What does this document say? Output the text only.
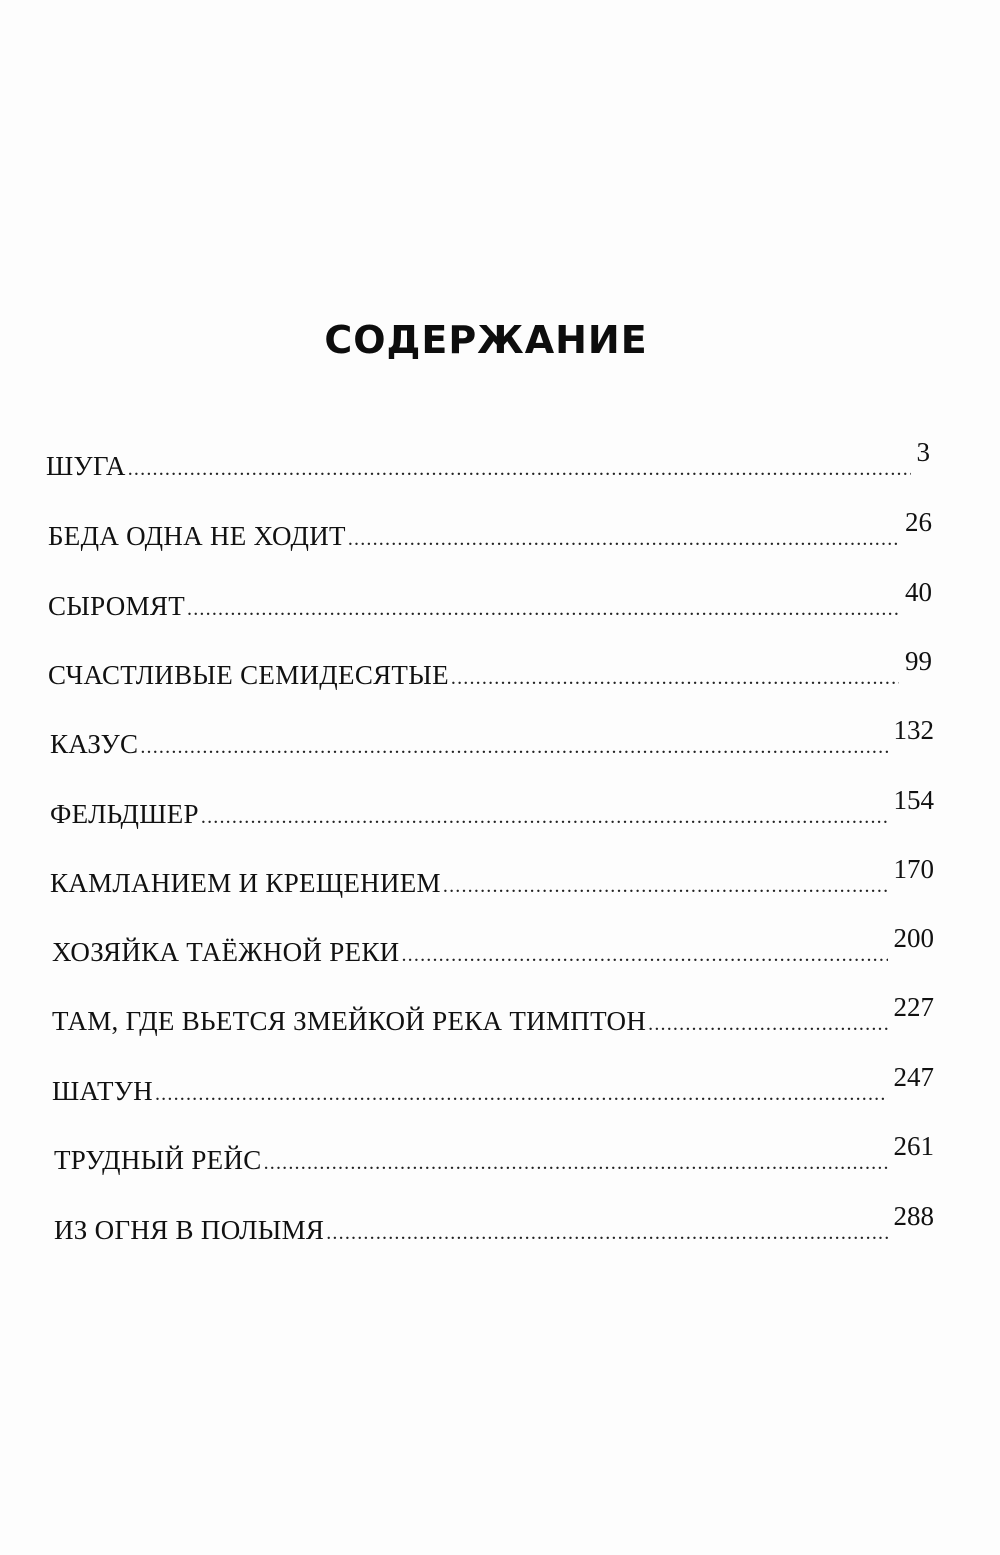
СОДЕРЖАНИЕ
ШУГА .....	3
БЕДА ОДНА НЕ ХОДИТ .....	26
СЫРОМЯТ .....	40
СЧАСТЛИВЫЕ СЕМИДЕСЯТЫЕ .....	99
КАЗУС .....	132
ФЕЛЬДШЕР .....	154
КАМЛАНИЕМ И КРЕЩЕНИЕМ .....	170
ХОЗЯЙКА ТАЁЖНОЙ РЕКИ .....	200
ТАМ, ГДЕ ВЬЕТСЯ ЗМЕЙКОЙ РЕКА ТИМПТОН .....	227
ШАТУН .....	247
ТРУДНЫЙ РЕЙС .....	261
ИЗ ОГНЯ В ПОЛЫМЯ .....	288
